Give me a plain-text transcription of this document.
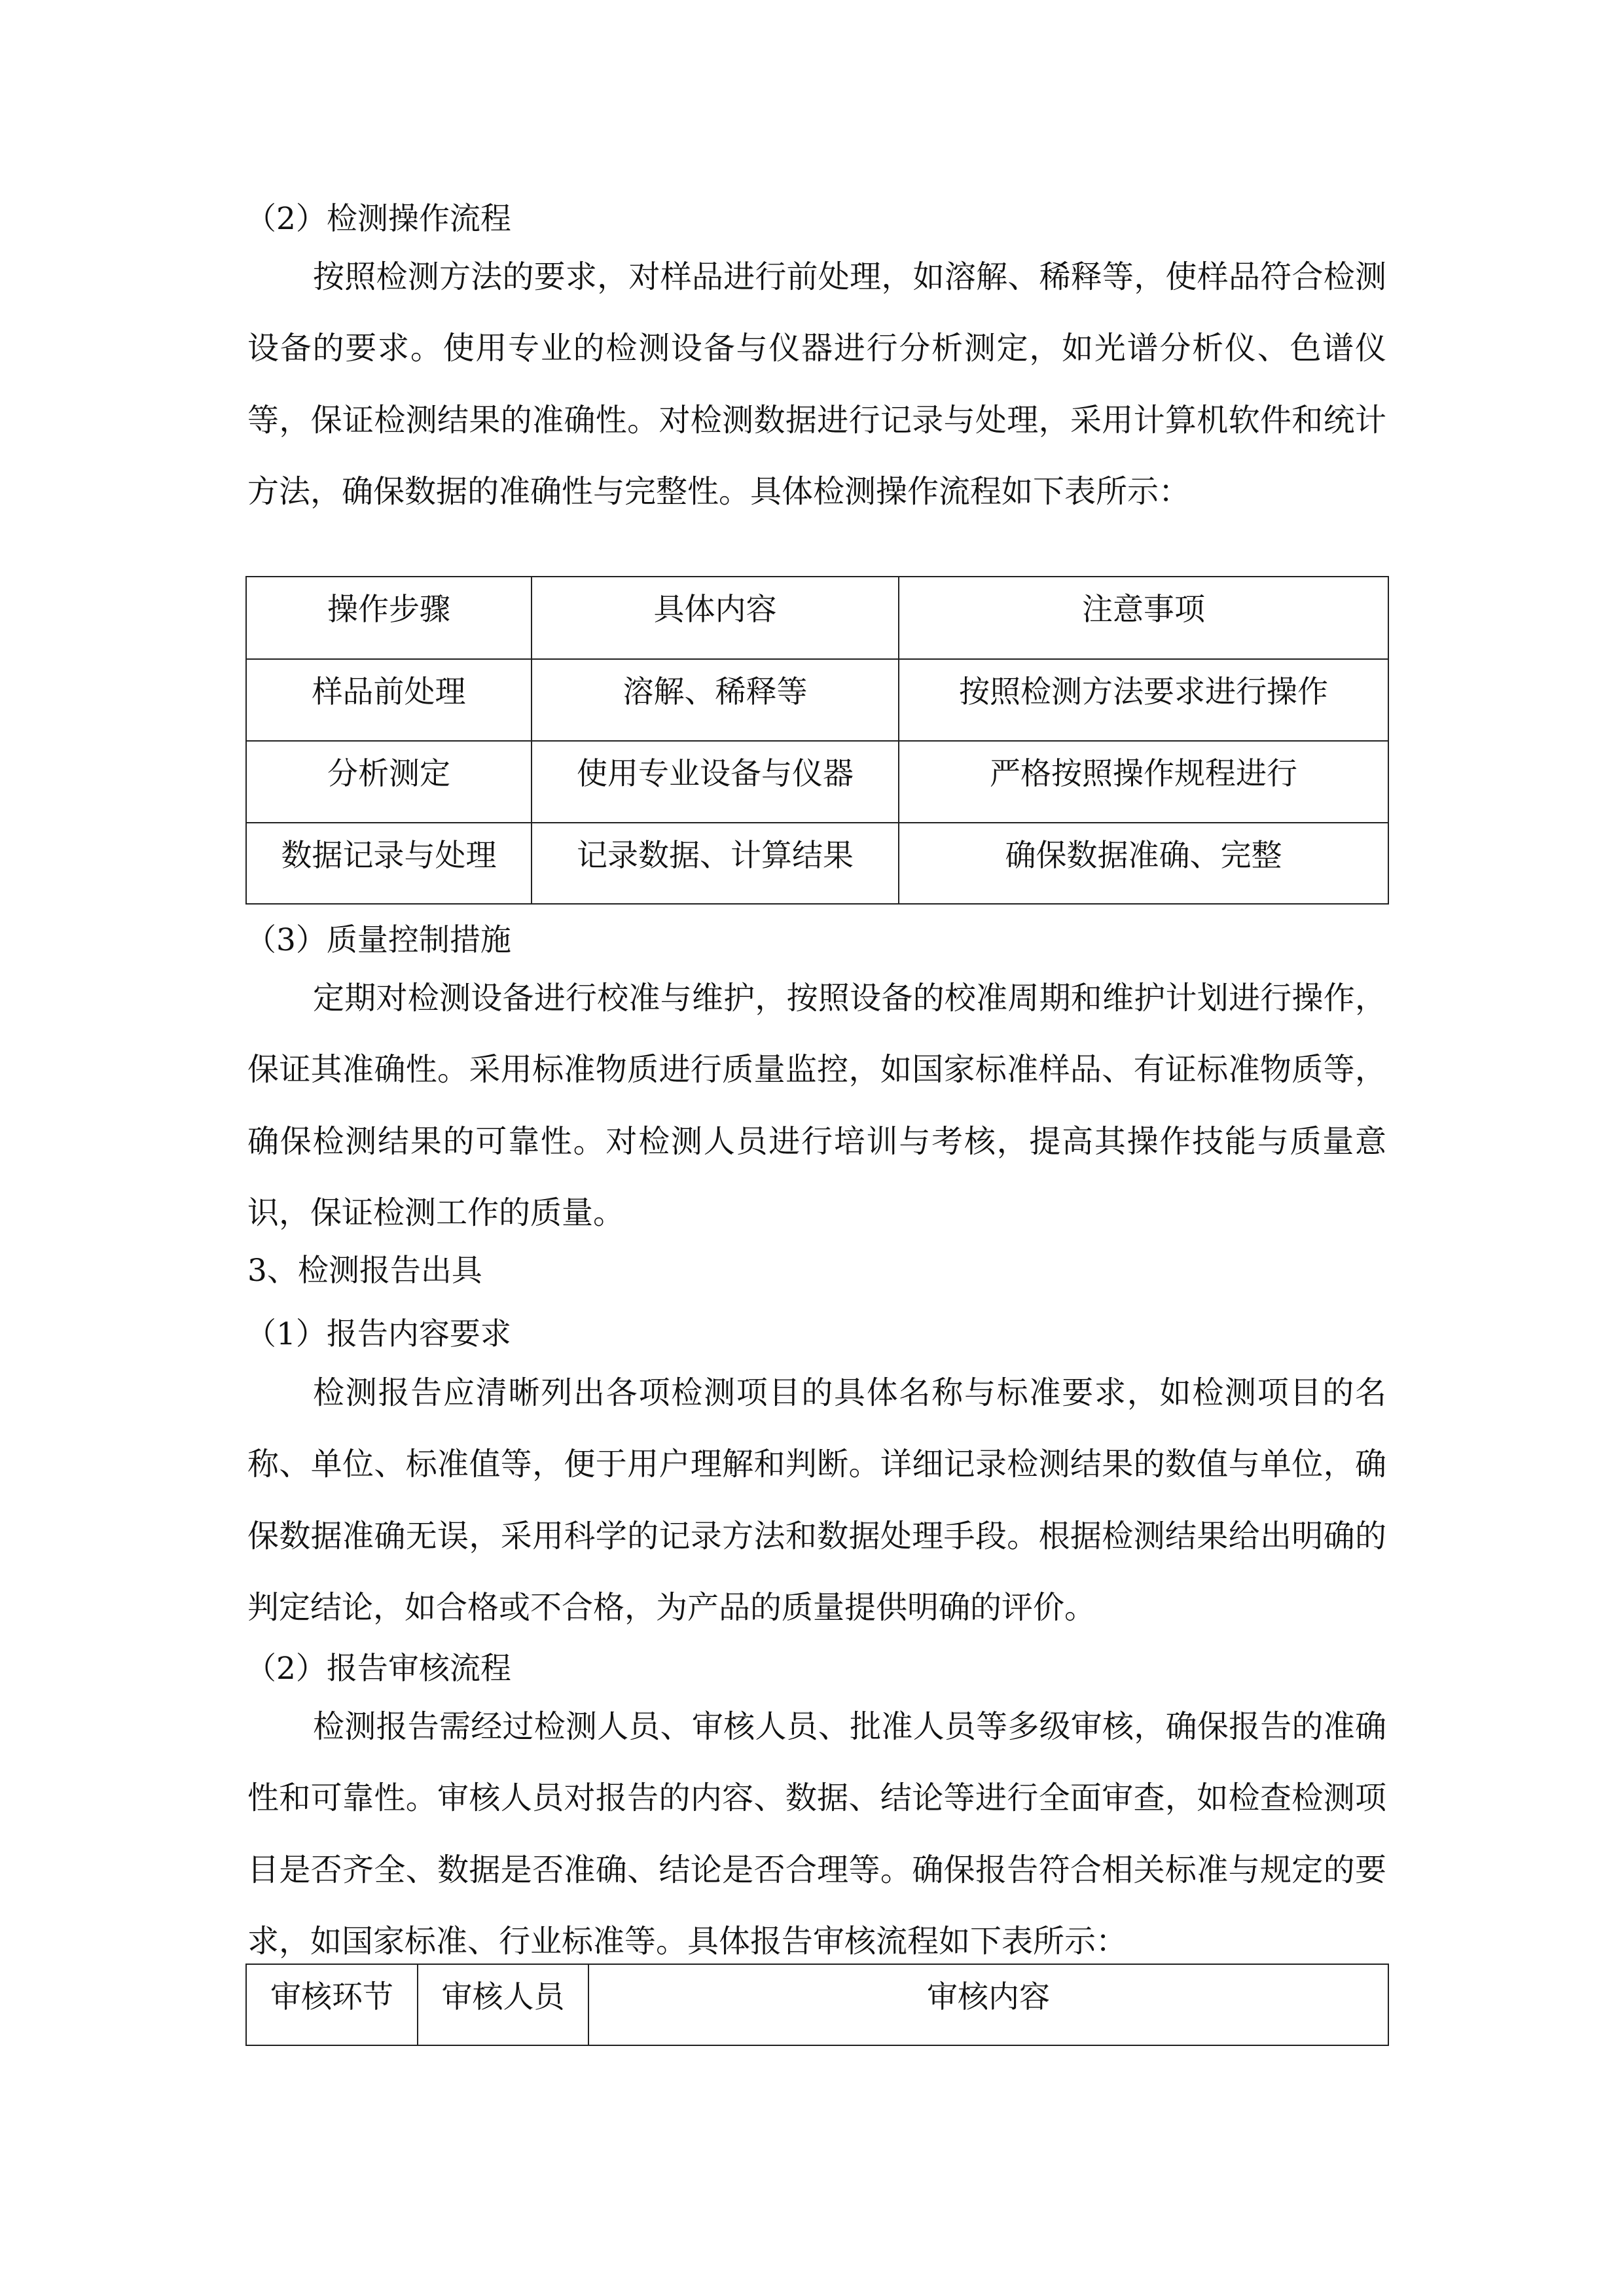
（2）检测操作流程

按照检测方法的要求，对样品进行前处理，如溶解、稀释等，使样品符合检测设备的要求。使用专业的检测设备与仪器进行分析测定，如光谱分析仪、色谱仪等，保证检测结果的准确性。对检测数据进行记录与处理，采用计算机软件和统计方法，确保数据的准确性与完整性。具体检测操作流程如下表所示：

操作步骤	具体内容	注意事项
样品前处理	溶解、稀释等	按照检测方法要求进行操作
分析测定	使用专业设备与仪器	严格按照操作规程进行
数据记录与处理	记录数据、计算结果	确保数据准确、完整
（3）质量控制措施

定期对检测设备进行校准与维护，按照设备的校准周期和维护计划进行操作，保证其准确性。采用标准物质进行质量监控，如国家标准样品、有证标准物质等，确保检测结果的可靠性。对检测人员进行培训与考核，提高其操作技能与质量意识，保证检测工作的质量。

3、检测报告出具
（1）报告内容要求

检测报告应清晰列出各项检测项目的具体名称与标准要求，如检测项目的名称、单位、标准值等，便于用户理解和判断。详细记录检测结果的数值与单位，确保数据准确无误，采用科学的记录方法和数据处理手段。根据检测结果给出明确的判定结论，如合格或不合格，为产品的质量提供明确的评价。

（2）报告审核流程

检测报告需经过检测人员、审核人员、批准人员等多级审核，确保报告的准确性和可靠性。审核人员对报告的内容、数据、结论等进行全面审查，如检查检测项目是否齐全、数据是否准确、结论是否合理等。确保报告符合相关标准与规定的要求，如国家标准、行业标准等。具体报告审核流程如下表所示：

审核环节	审核人员	审核内容
